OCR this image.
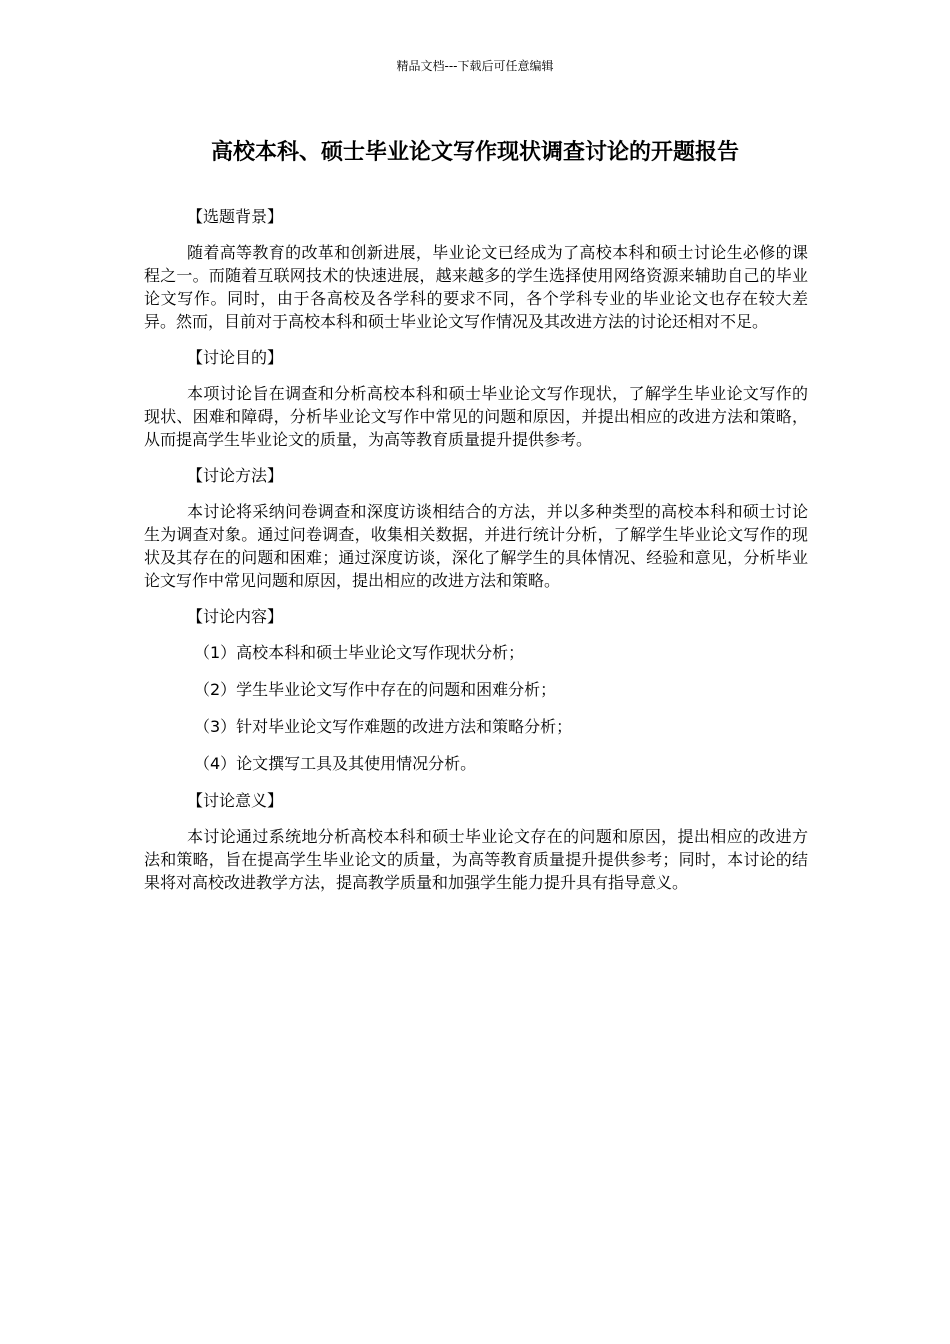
精品文档---下载后可任意编辑
高校本科、硕士毕业论文写作现状调查讨论的开题报告

【选题背景】

随着高等教育的改革和创新进展，毕业论文已经成为了高校本科和硕士讨论生必修的课程之一。而随着互联网技术的快速进展，越来越多的学生选择使用网络资源来辅助自己的毕业论文写作。同时，由于各高校及各学科的要求不同，各个学科专业的毕业论文也存在较大差异。然而，目前对于高校本科和硕士毕业论文写作情况及其改进方法的讨论还相对不足。

【讨论目的】

本项讨论旨在调查和分析高校本科和硕士毕业论文写作现状，了解学生毕业论文写作的现状、困难和障碍，分析毕业论文写作中常见的问题和原因，并提出相应的改进方法和策略，从而提高学生毕业论文的质量，为高等教育质量提升提供参考。

【讨论方法】

本讨论将采纳问卷调查和深度访谈相结合的方法，并以多种类型的高校本科和硕士讨论生为调查对象。通过问卷调查，收集相关数据，并进行统计分析，了解学生毕业论文写作的现状及其存在的问题和困难；通过深度访谈，深化了解学生的具体情况、经验和意见，分析毕业论文写作中常见问题和原因，提出相应的改进方法和策略。

【讨论内容】

（1）高校本科和硕士毕业论文写作现状分析；

（2）学生毕业论文写作中存在的问题和困难分析；

（3）针对毕业论文写作难题的改进方法和策略分析；

（4）论文撰写工具及其使用情况分析。

【讨论意义】

本讨论通过系统地分析高校本科和硕士毕业论文存在的问题和原因，提出相应的改进方法和策略，旨在提高学生毕业论文的质量，为高等教育质量提升提供参考；同时，本讨论的结果将对高校改进教学方法，提高教学质量和加强学生能力提升具有指导意义。
